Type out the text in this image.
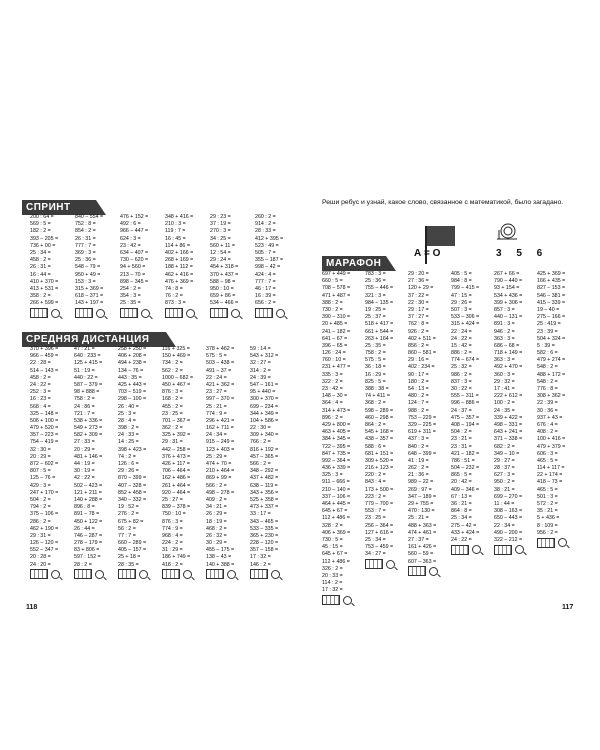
СПРИНТ
200 : 64 =
569 : 5 =
182 : 2 =
393 – 205 =
736 + 00 =
25 : 34 =
458 : 2 =
26 : 31 =
16 : 44 =
410 + 370 =
413 + 531 =
358 : 2 =
266 + 599 =
840 – 554 =
752 : 8 =
854 : 2 =
26 : 31 =
777 : 7 =
369 : 3 =
25 : 36 =
548 – 79 =
950 + 49 =
153 : 3 =
315 + 369 =
618 – 371 =
143 + 197 =
476 + 152 =
492 : 6 =
966 – 447 =
624 : 3 =
23 : 42 =
634 – 407 =
730 – 620 =
94 + 560 =
213 – 70 =
898 – 345 =
254 : 2 =
354 : 3 =
25 : 35 =
348 + 416 =
210 : 3 =
119 : 7 =
16 : 45 =
114 + 86 =
402 + 166 =
268 + 169 =
188 + 112 =
462 + 416 =
476 + 369 =
74 : 8 =
76 : 2 =
873 : 3 =
29 : 23 =
37 : 19 =
270 : 3 =
34 : 25 =
560 + 11 =
12 : 54 =
29 : 24 =
454 + 318 =
370 + 437 =
588 – 98 =
950 : 10 =
659 + 86 =
534 – 466 =
260 : 2 =
914 : 2 =
28 : 33 =
412 + 395 =
523 : 49 =
505 : 7 =
355 – 187 =
998 – 42 =
424 : 4 =
777 : 7 =
46 : 17 =
16 : 39 =
656 : 2 =
СРЕДНЯЯ ДИСТАНЦИЯ
370 + 396 =
966 – 459 =
22 : 28 =
514 – 143 =
458 : 2 =
24 : 22 =
252 : 3 =
16 : 23 =
568 : 4 =
325 – 148 =
506 + 100 =
479 + 520 =
357 – 223 =
754 – 419 =
32 : 30 =
20 : 29 =
872 – 602 =
807 : 5 =
125 – 76 =
429 : 3 =
247 + 170 =
504 : 2 =
794 : 2 =
375 – 106 =
286 : 2 =
462 + 190 =
29 : 31 =
126 – 120 =
552 – 347 =
20 : 28 =
24 : 20 =
47 : 21 =
640 : 233 =
125 + 415 =
51 : 19 =
440 : 22 =
587 – 379 =
98 + 888 =
758 : 2 =
24 : 86 =
721 : 7 =
538 + 336 =
549 + 273 =
582 + 309 =
27 : 33 =
20 : 29 =
481 + 146 =
44 : 19 =
30 : 19 =
42 : 22 =
502 – 423 =
121 + 211 =
140 + 288 =
896 : 8 =
891 – 78 =
450 + 122 =
26 : 44 =
746 – 287 =
278 – 179 =
83 + 806 =
597 : 152 =
28 : 2 =
258 + 250 =
406 + 208 =
494 + 238 =
134 – 76 =
443 : 35 =
425 + 443 =
703 – 519 =
298 – 100 =
26 : 40 =
25 : 3 =
28 : 4 =
398 : 2 =
24 : 33 =
14 : 25 =
398 + 423 =
74 : 2 =
126 : 6 =
29 : 26 =
870 – 399 =
407 – 328 =
852 + 458 =
340 – 332 =
19 : 52 =
276 : 2 =
675 + 82 =
56 : 2 =
77 : 7 =
660 – 289 =
405 – 157 =
25 + 18 =
28 : 35 =
116 + 325 =
150 + 469 =
734 : 2 =
562 : 2 =
1000 – 682 =
450 + 467 =
876 : 3 =
168 : 2 =
455 : 2 =
23 : 25 =
701 – 367 =
362 : 2 =
325 + 392 =
29 : 31 =
442 – 258 =
376 + 473 =
426 + 117 =
706 – 464 =
162 + 486 =
261 + 464 =
920 – 464 =
25 : 27 =
839 – 378 =
750 : 10 =
876 : 3 =
774 : 9 =
968 : 4 =
224 : 2 =
31 : 29 =
186 + 749 =
418 : 2 =
378 + 462 =
575 : 5 =
503 – 438 =
491 – 37 =
22 : 24 =
421 + 362 =
23 : 27 =
997 – 370 =
25 : 21 =
774 : 9 =
296 + 421 =
162 + 711 =
24 : 34 =
915 – 249 =
123 + 403 =
25 : 29 =
474 + 70 =
210 + 464 =
869 + 99 =
566 : 2 =
498 – 278 =
409 : 2 =
34 : 21 =
26 : 29 =
18 : 19 =
468 : 2 =
26 : 32 =
30 : 29 =
455 – 175 =
138 – 43 =
140 + 388 =
59 : 14 =
543 + 312 =
32 : 27 =
314 : 2 =
24 : 39 =
547 – 161 =
95 + 440 =
300 + 370 =
699 – 234 =
344 + 349 =
104 + 586 =
22 : 30 =
309 + 340 =
766 : 2 =
816 + 192 =
457 – 365 =
566 : 2 =
348 – 292 =
437 + 482 =
638 – 119 =
343 + 356 =
525 + 358 =
473 + 337 =
33 : 17 =
343 – 465 =
533 – 335 =
365 + 230 =
228 – 120 =
357 – 158 =
17 : 32 =
146 : 2 =
118
Реши ребус и узнай, какое слово, связанное с математикой, было загадано.
А = О	3 5 6
МАРАФОН
697 + 449 =
660 : 5 =
708 – 578 =
471 + 487 =
388 : 2 =
730 : 2 =
390 – 310 =
20 + 485 =
241 – 182 =
641 – 67 =
396 – 65 =
126 : 24 =
760 : 10 =
231 + 477 =
335 : 3 =
322 : 2 =
23 : 42 =
148 – 30 =
364 : 4 =
314 + 473 =
896 : 2 =
429 + 800 =
463 + 405 =
384 + 345 =
722 – 395 =
847 + 735 =
992 – 364 =
436 + 339 =
325 : 3 =
911 – 666 =
210 – 140 =
337 – 106 =
464 + 445 =
645 + 67 =
112 + 486 =
328 : 2 =
406 + 369 =
730 : 5 =
45 : 15 =
645 + 67 =
112 + 486 =
326 : 2 =
20 : 33 =
114 : 2 =
17 : 32 =
783 : 3 =
25 : 36 =
755 – 446 =
321 : 3 =
984 – 135 =
19 : 25 =
25 : 37 =
518 + 417 =
661 + 544 =
263 + 164 =
25 : 35 =
758 : 2 =
575 : 5 =
36 : 18 =
16 : 29 =
825 : 5 =
388 : 38 =
74 + 411 =
368 : 2 =
598 – 289 =
460 – 298 =
864 : 2 =
545 + 168 =
438 – 357 =
588 : 6 =
681 + 151 =
309 + 520 =
216 + 123 =
220 : 2 =
843 : 4 =
173 + 500 =
223 : 2 =
779 – 700 =
553 : 7 =
23 : 25 =
256 – 364 =
127 + 616 =
25 : 34 =
753 – 459 =
34 : 27 =
29 : 20 =
27 : 36 =
120 + 29 =
37 : 22 =
22 : 30 =
29 : 17 =
37 : 27 =
762 : 8 =
926 : 2 =
402 + 511 =
856 : 2 =
860 – 581 =
29 : 16 =
402 : 234 =
90 : 17 =
180 : 2 =
54 : 13 =
480 : 2 =
124 : 7 =
988 : 2 =
753 – 229 =
329 – 225 =
619 + 311 =
437 : 3 =
840 : 2 =
648 – 399 =
41 : 19 =
262 : 2 =
21 : 36 =
989 – 22 =
269 : 97 =
347 – 189 =
29 + 755 =
470 : 130 =
25 : 21 =
488 + 363 =
474 + 461 =
27 : 37 =
161 + 426 =
560 – 59 =
607 – 363 =
405 : 5 =
984 : 8 =
799 – 415 =
47 : 15 =
29 : 26 =
507 : 3 =
533 – 306 =
315 + 424 =
22 : 24 =
24 : 22 =
15 : 42 =
886 : 2 =
774 – 674 =
25 : 32 =
986 : 2 =
837 : 3 =
30 : 22 =
555 – 311 =
996 – 886 =
24 : 37 =
475 – 357 =
408 – 194 =
504 : 2 =
23 : 21 =
23 : 31 =
421 – 182 =
786 : 51 =
504 – 232 =
865 : 5 =
20 : 42 =
409 – 346 =
67 : 13 =
36 : 21 =
864 : 8 =
25 : 34 =
275 – 42 =
433 + 424 =
24 : 22 =
267 + 66 =
790 – 440 =
93 + 154 =
534 + 436 =
399 + 306 =
857 : 3 =
440 – 131 =
891 : 3 =
946 : 2 =
363 : 3 =
686 – 68 =
718 + 149 =
363 : 3 =
492 + 470 =
360 : 3 =
29 : 32 =
17 : 41 =
222 + 612 =
100 : 2 =
24 : 35 =
339 + 422 =
498 – 331 =
643 + 241 =
371 – 338 =
682 : 2 =
349 – 10 =
29 : 27 =
28 : 37 =
627 : 3 =
950 : 2 =
38 : 21 =
699 – 270 =
11 : 44 =
308 – 163 =
650 – 443 =
22 : 34 =
490 – 200 =
322 – 212 =
425 + 369 =
166 + 435 =
827 – 153 =
546 – 381 =
415 – 339 =
19 – 40 =
275 – 166 =
25 : 419 =
23 : 39 =
504 + 324 =
5 : 39 =
582 : 6 =
479 + 274 =
548 : 2 =
488 + 172 =
548 : 2 =
776 : 8 =
308 + 362 =
22 : 39 =
30 : 36 =
937 + 43 =
676 : 4 =
408 : 2 =
100 + 416 =
479 + 379 =
606 : 3 =
465 : 5 =
114 + 117 =
22 + 174 =
418 – 73 =
465 : 5 =
501 : 3 =
572 : 2 =
35 : 21 =
5 + 436 =
8 : 109 =
956 : 2 =
117
